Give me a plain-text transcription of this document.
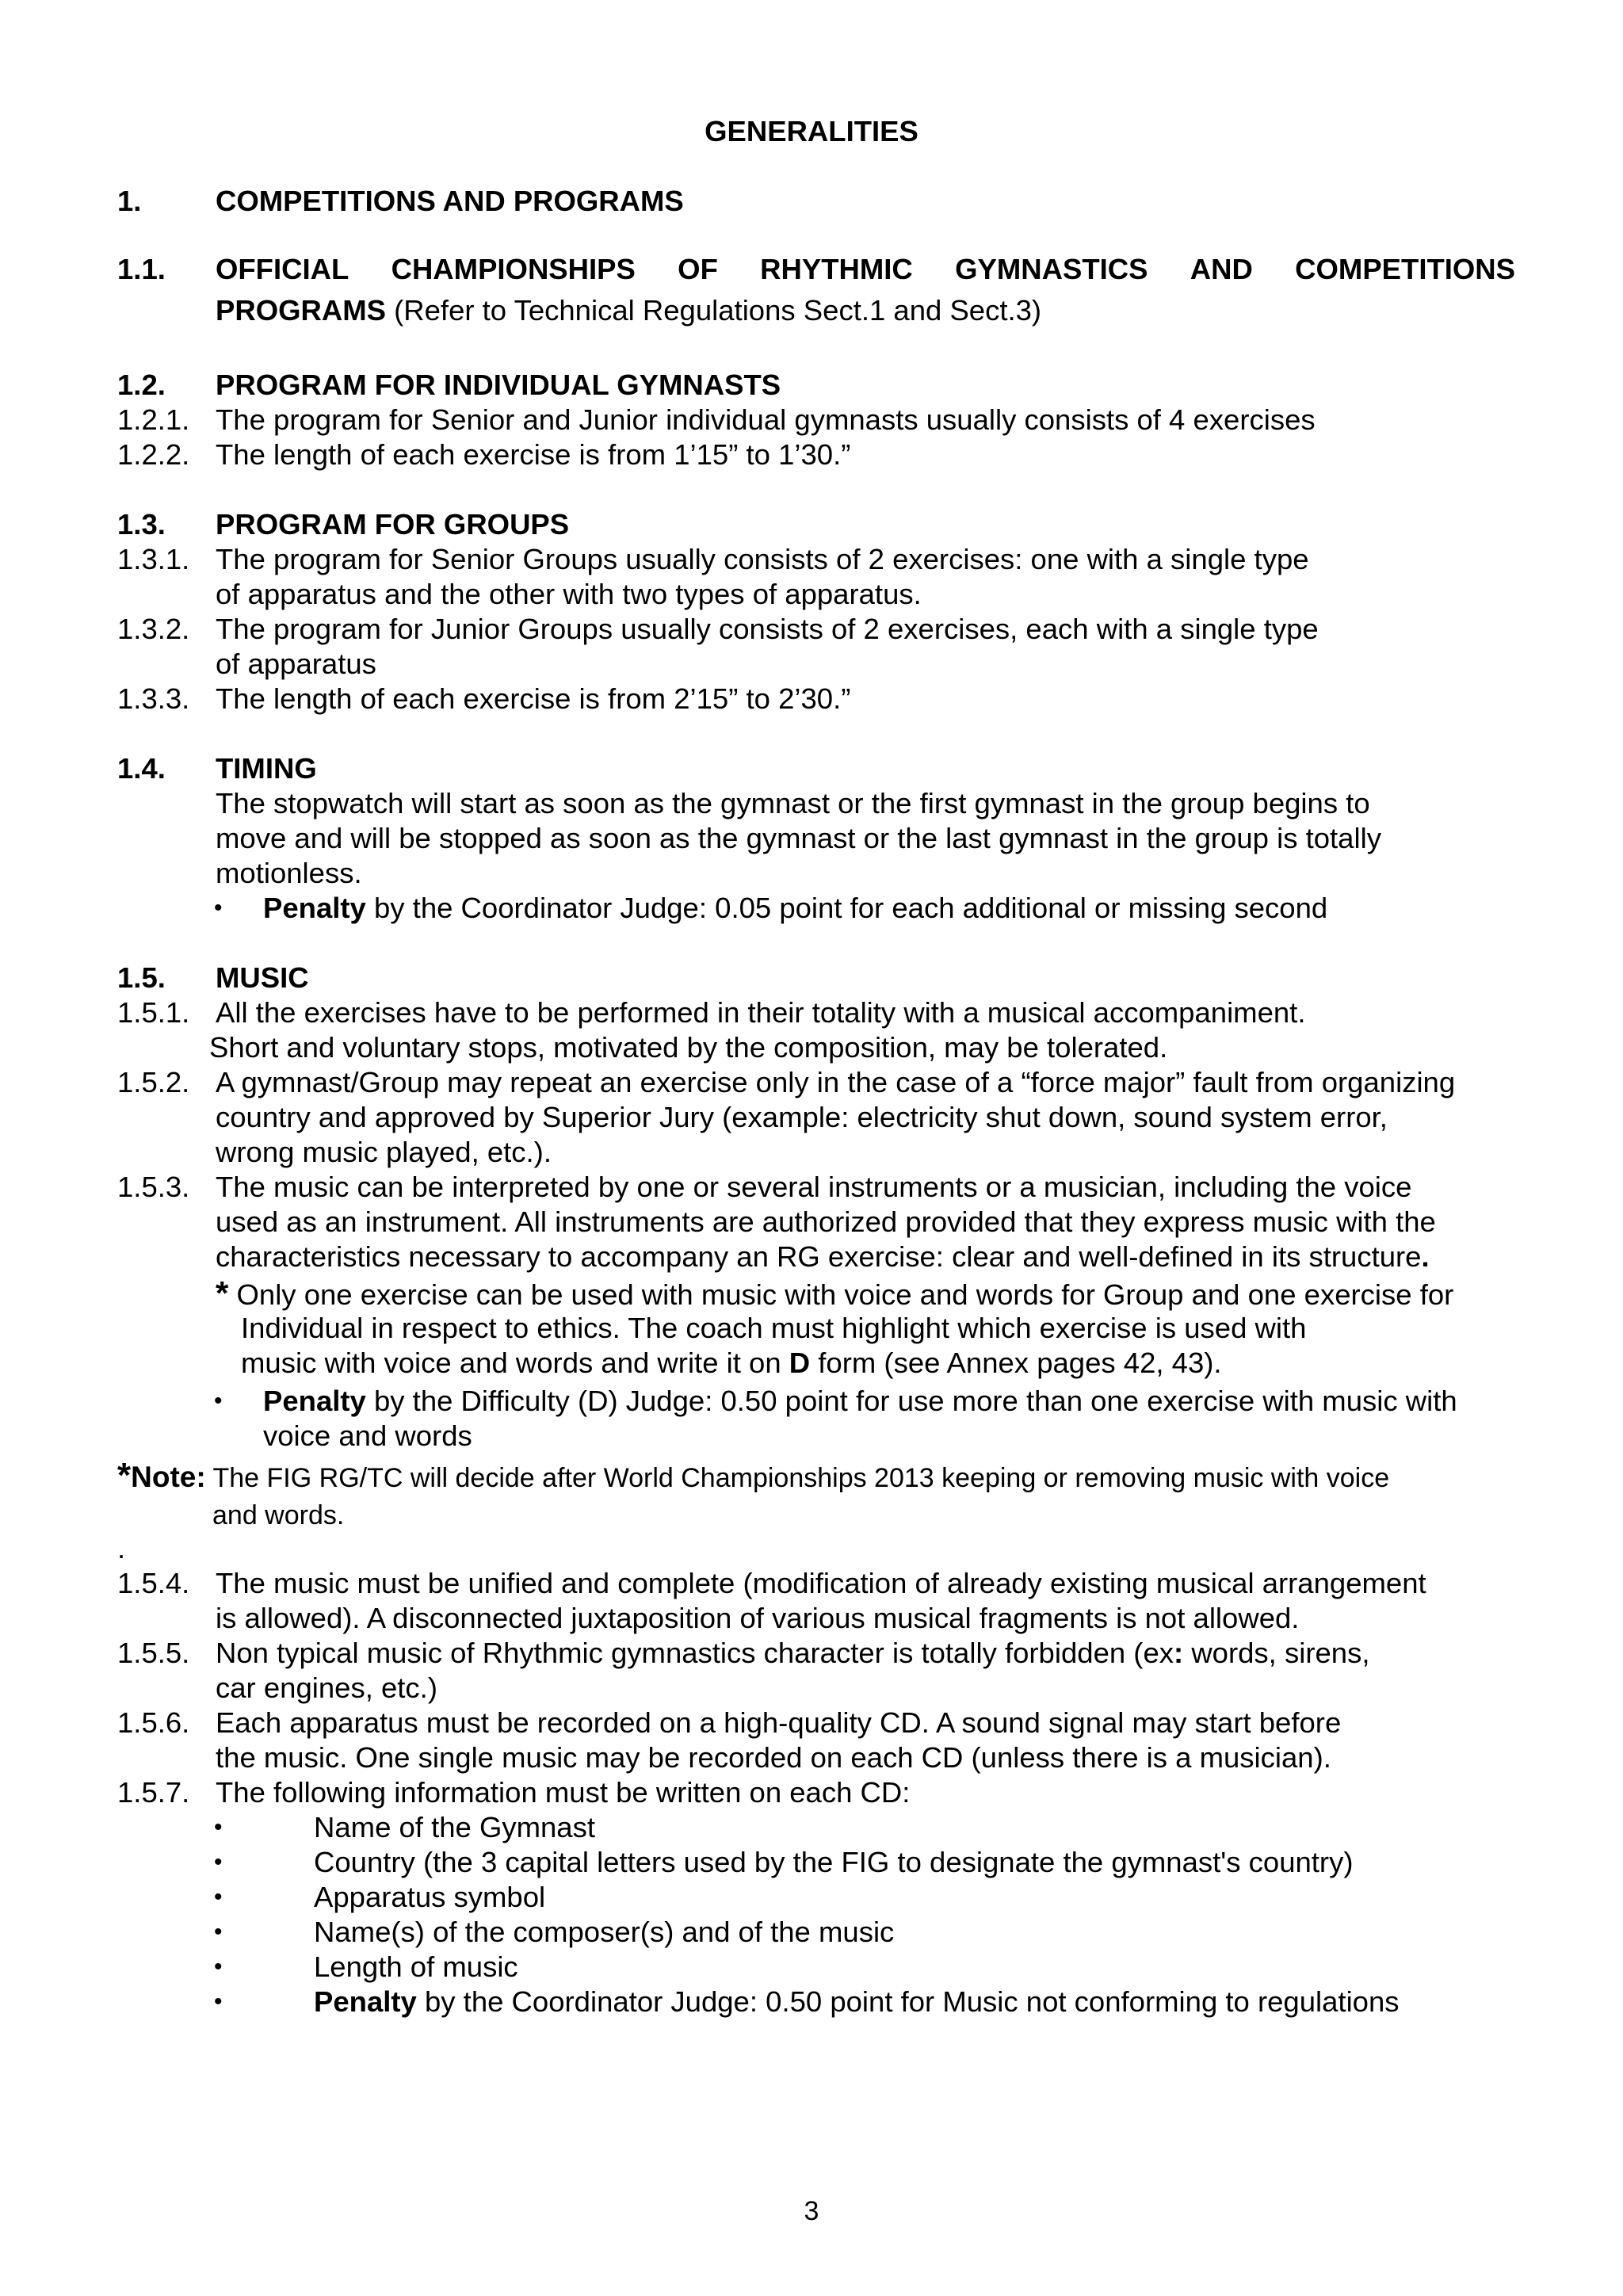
GENERALITIES
1.	COMPETITIONS AND PROGRAMS
1.1. OFFICIAL CHAMPIONSHIPS OF RHYTHMIC GYMNASTICS AND COMPETITIONS
PROGRAMS (Refer to Technical Regulations Sect.1 and Sect.3)
1.2. PROGRAM FOR INDIVIDUAL GYMNASTS
1.2.1. The program for Senior and Junior individual gymnasts usually consists of 4 exercises
1.2.2. The length of each exercise is from 1’15” to 1’30.”
1.3. PROGRAM FOR GROUPS
1.3.1. The program for Senior Groups usually consists of 2 exercises: one with a single type
of apparatus and the other with two types of apparatus.
1.3.2. The program for Junior Groups usually consists of 2 exercises, each with a single type
of apparatus
1.3.3. The length of each exercise is from 2’15” to 2’30.”
1.4. TIMING
The stopwatch will start as soon as the gymnast or the first gymnast in the group begins to
move and will be stopped as soon as the gymnast or the last gymnast in the group is totally
motionless.
• Penalty by the Coordinator Judge: 0.05 point for each additional or missing second
1.5. MUSIC
1.5.1. All the exercises have to be performed in their totality with a musical accompaniment.
Short and voluntary stops, motivated by the composition, may be tolerated.
1.5.2. A gymnast/Group may repeat an exercise only in the case of a “force major” fault from organizing
country and approved by Superior Jury (example: electricity shut down, sound system error,
wrong music played, etc.).
1.5.3. The music can be interpreted by one or several instruments or a musician, including the voice
used as an instrument. All instruments are authorized provided that they express music with the
characteristics necessary to accompany an RG exercise: clear and well-defined in its structure.
* Only one exercise can be used with music with voice and words for Group and one exercise for
Individual in respect to ethics. The coach must highlight which exercise is used with
music with voice and words and write it on D form (see Annex pages 42, 43).
• Penalty by the Difficulty (D) Judge: 0.50 point for use more than one exercise with music with
voice and words
*Note: The FIG RG/TC will decide after World Championships 2013 keeping or removing music with voice
and words.
.
1.5.4. The music must be unified and complete (modification of already existing musical arrangement
is allowed). A disconnected juxtaposition of various musical fragments is not allowed.
1.5.5. Non typical music of Rhythmic gymnastics character is totally forbidden (ex: words, sirens,
car engines, etc.)
1.5.6. Each apparatus must be recorded on a high-quality CD. A sound signal may start before
the music. One single music may be recorded on each CD (unless there is a musician).
1.5.7. The following information must be written on each CD:
•	Name of the Gymnast
•	Country (the 3 capital letters used by the FIG to designate the gymnast's country)
•	Apparatus symbol
•	Name(s) of the composer(s) and of the music
•	Length of music
•	Penalty by the Coordinator Judge: 0.50 point for Music not conforming to regulations
3
